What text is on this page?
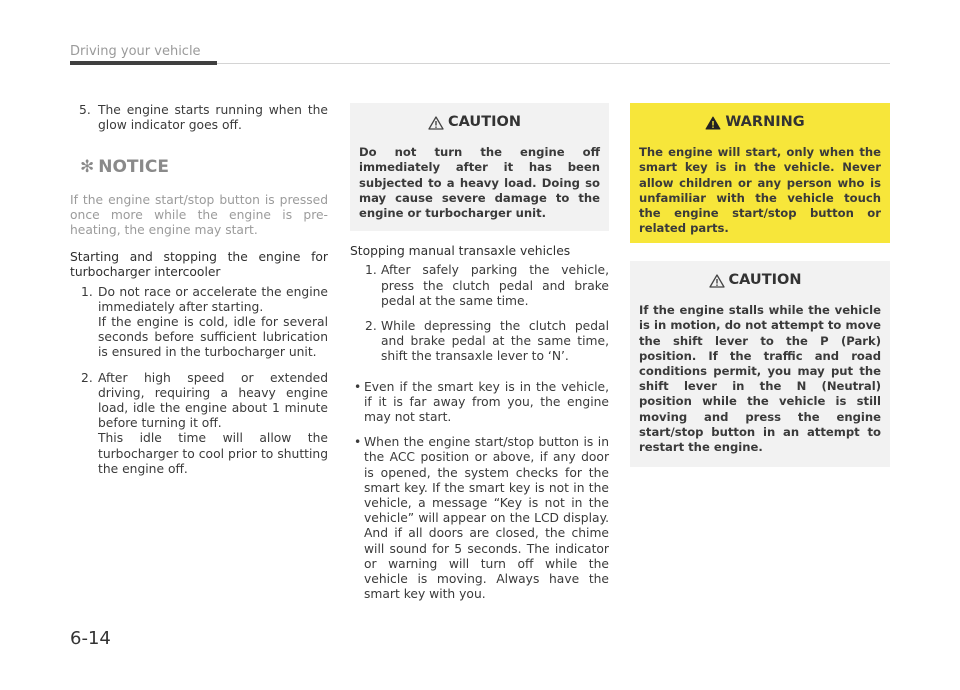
Driving your vehicle
5. The engine starts running when the glow indicator goes off.

✻ NOTICE

If the engine start/stop button is pressed once more while the engine is pre-heating, the engine may start.

Starting and stopping the engine for turbocharger intercooler

1. Do not race or accelerate the engine immediately after starting.

If the engine is cold, idle for several seconds before sufficient lubrication is ensured in the turbocharger unit.

2. After high speed or extended driving, requiring a heavy engine load, idle the engine about 1 minute before turning it off.

This idle time will allow the turbocharger to cool prior to shutting the engine off.

CAUTION

Do not turn the engine off immediately after it has been subjected to a heavy load. Doing so may cause severe damage to the engine or turbocharger unit.

Stopping manual transaxle vehicles

1. After safely parking the vehicle, press the clutch pedal and brake pedal at the same time.

2. While depressing the clutch pedal and brake pedal at the same time, shift the transaxle lever to ‘N’.

• Even if the smart key is in the vehicle, if it is far away from you, the engine may not start.

• When the engine start/stop button is in the ACC position or above, if any door is opened, the system checks for the smart key. If the smart key is not in the vehicle, a message “Key is not in the vehicle” will appear on the LCD display. And if all doors are closed, the chime will sound for 5 seconds. The indicator or warning will turn off while the vehicle is moving. Always have the smart key with you.

WARNING

The engine will start, only when the smart key is in the vehicle. Never allow children or any person who is unfamiliar with the vehicle touch the engine start/stop button or related parts.

CAUTION

If the engine stalls while the vehicle is in motion, do not attempt to move the shift lever to the P (Park) position. If the traffic and road conditions permit, you may put the shift lever in the N (Neutral) position while the vehicle is still moving and press the engine start/stop button in an attempt to restart the engine.

6-14
